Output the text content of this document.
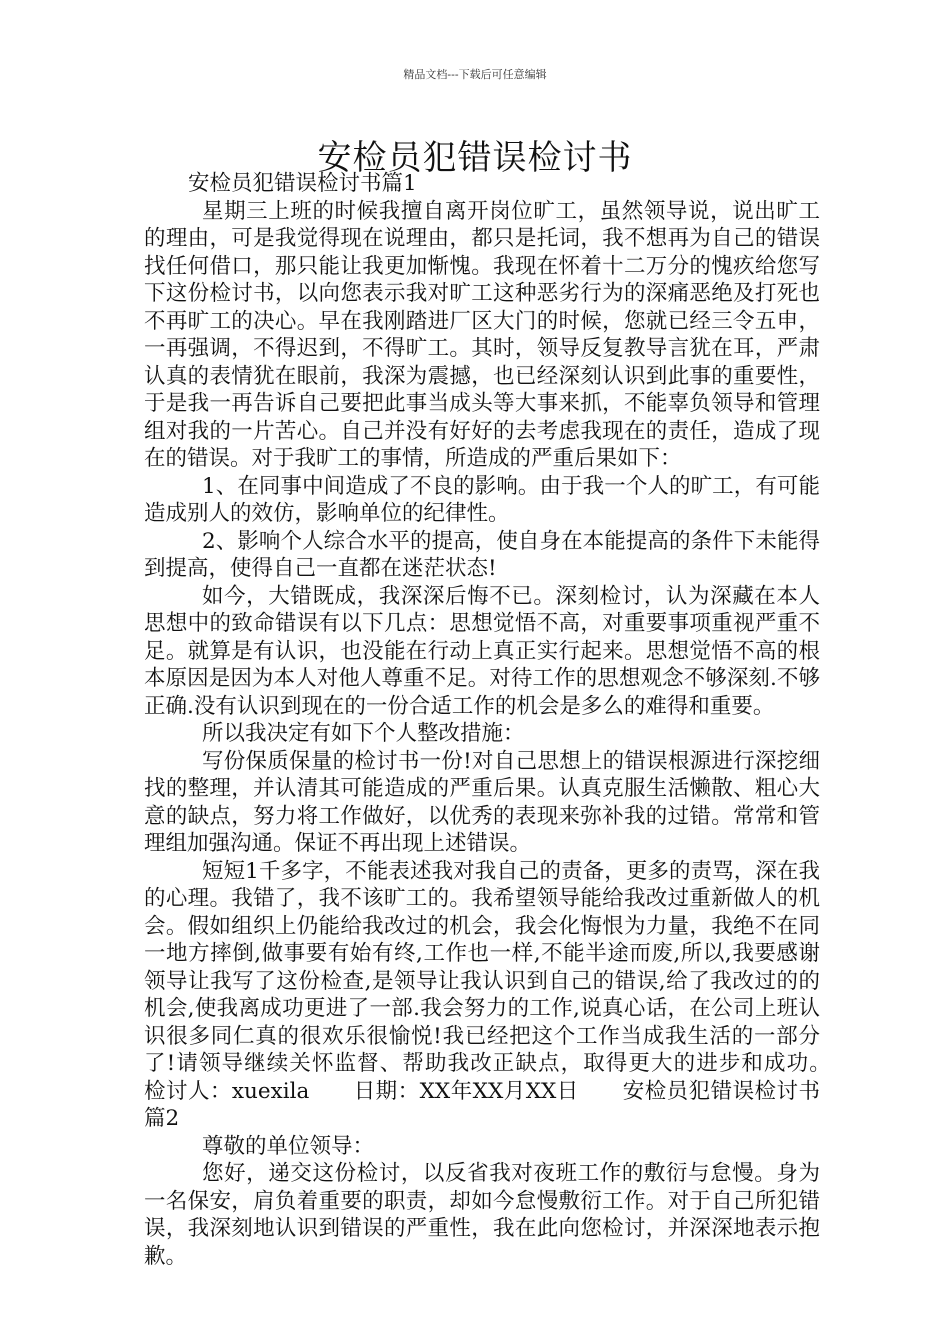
精品文档---下载后可任意编辑
安检员犯错误检讨书

安检员犯错误检讨书篇1

星期三上班的时候我擅自离开岗位旷工，虽然领导说，说出旷工的理由，可是我觉得现在说理由，都只是托词，我不想再为自己的错误找任何借口，那只能让我更加惭愧。我现在怀着十二万分的愧疚给您写下这份检讨书，以向您表示我对旷工这种恶劣行为的深痛恶绝及打死也不再旷工的决心。早在我刚踏进厂区大门的时候，您就已经三令五申，一再强调，不得迟到，不得旷工。其时，领导反复教导言犹在耳，严肃认真的表情犹在眼前，我深为震撼，也已经深刻认识到此事的重要性，于是我一再告诉自己要把此事当成头等大事来抓，不能辜负领导和管理组对我的一片苦心。自己并没有好好的去考虑我现在的责任，造成了现在的错误。对于我旷工的事情，所造成的严重后果如下：

1、在同事中间造成了不良的影响。由于我一个人的旷工，有可能造成别人的效仿，影响单位的纪律性。

2、影响个人综合水平的提高，使自身在本能提高的条件下未能得到提高，使得自己一直都在迷茫状态!

如今，大错既成，我深深后悔不已。深刻检讨，认为深藏在本人思想中的致命错误有以下几点：思想觉悟不高，对重要事项重视严重不足。就算是有认识，也没能在行动上真正实行起来。思想觉悟不高的根本原因是因为本人对他人尊重不足。对待工作的思想观念不够深刻.不够正确.没有认识到现在的一份合适工作的机会是多么的难得和重要。

所以我决定有如下个人整改措施：

写份保质保量的检讨书一份!对自己思想上的错误根源进行深挖细找的整理，并认清其可能造成的严重后果。认真克服生活懒散、粗心大意的缺点，努力将工作做好，以优秀的表现来弥补我的过错。常常和管理组加强沟通。保证不再出现上述错误。

短短1千多字，不能表述我对我自己的责备，更多的责骂，深在我的心理。我错了，我不该旷工的。我希望领导能给我改过重新做人的机会。假如组织上仍能给我改过的机会，我会化悔恨为力量，我绝不在同一地方摔倒,做事要有始有终,工作也一样,不能半途而废,所以,我要感谢领导让我写了这份检查,是领导让我认识到自己的错误,给了我改过的的机会,使我离成功更进了一部.我会努力的工作,说真心话，在公司上班认识很多同仁真的很欢乐很愉悦!我已经把这个工作当成我生活的一部分了!请领导继续关怀监督、帮助我改正缺点，取得更大的进步和成功。　　检讨人：xuexila　　日期：XX年XX月XX日　　安检员犯错误检讨书篇2

尊敬的单位领导：

您好，递交这份检讨，以反省我对夜班工作的敷衍与怠慢。身为一名保安，肩负着重要的职责，却如今怠慢敷衍工作。对于自己所犯错误，我深刻地认识到错误的严重性，我在此向您检讨，并深深地表示抱歉。
